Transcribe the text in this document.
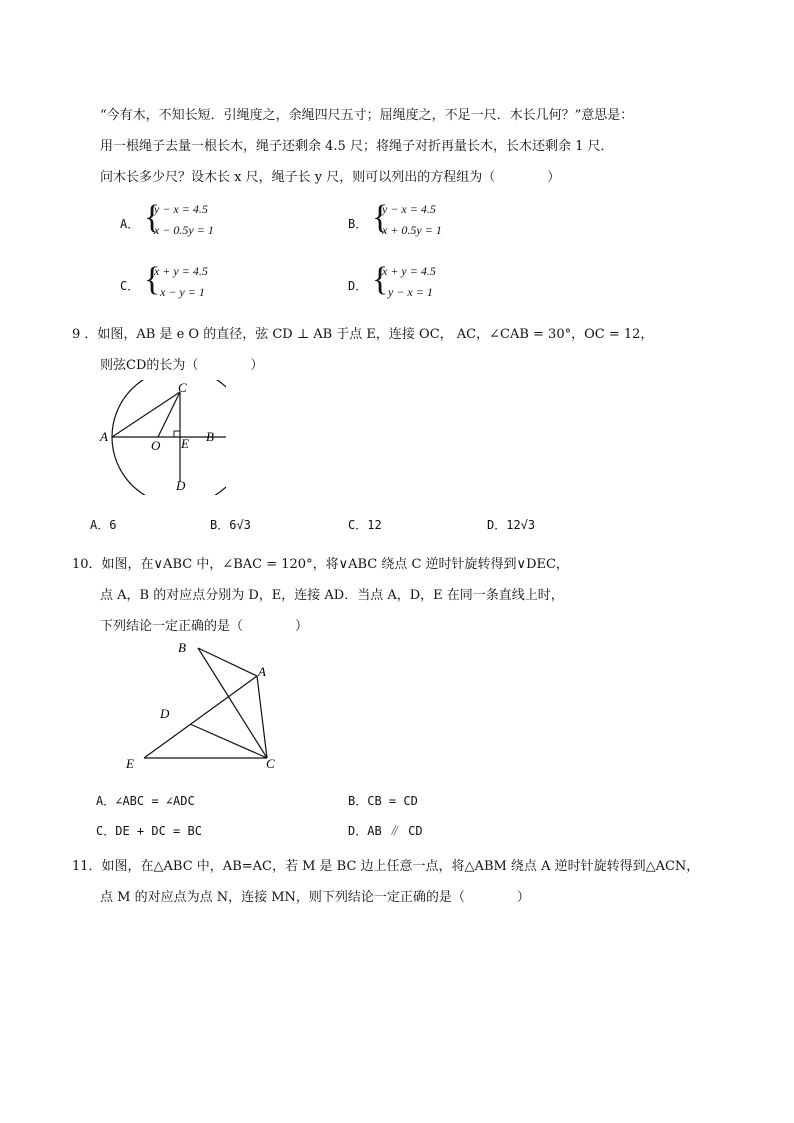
“今有木，不知长短．引绳度之，余绳四尺五寸；屈绳度之，不足一尺．木长几何？”意思是：
用一根绳子去量一根长木，绳子还剩余 4.5 尺；将绳子对折再量长木，长木还剩余 1 尺．
问木长多少尺？设木长 x 尺，绳子长 y 尺，则可以列出的方程组为（　　　　）
A． {
y − x = 4.5
x − 0.5y = 1	B． {
y − x = 4.5
x + 0.5y = 1
C． {
x + y = 4.5
x − y = 1	D． {
x + y = 4.5
y − x = 1
9 ．如图，AB 是 e O 的直径，弦 CD ⊥ AB 于点 E，连接 OC， AC，∠CAB = 30°，OC = 12，
则弦CD的长为（　　　　）
A	B
C
D
O E
A．6	B．6√3	C．12	D．12√3
10．如图，在∨ABC 中，∠BAC = 120°，将∨ABC 绕点 C 逆时针旋转得到∨DEC，
点 A，B 的对应点分别为 D，E，连接 AD．当点 A，D，E 在同一条直线上时，
下列结论一定正确的是（　　　　）
B
A
D
E	C
A．∠ABC = ∠ADC	B．CB = CD
C．DE + DC = BC	D．AB ∥ CD
11．如图，在△ABC 中，AB=AC，若 M 是 BC 边上任意一点，将△ABM 绕点 A 逆时针旋转得到△ACN，
点 M 的对应点为点 N，连接 MN，则下列结论一定正确的是（　　　　）
